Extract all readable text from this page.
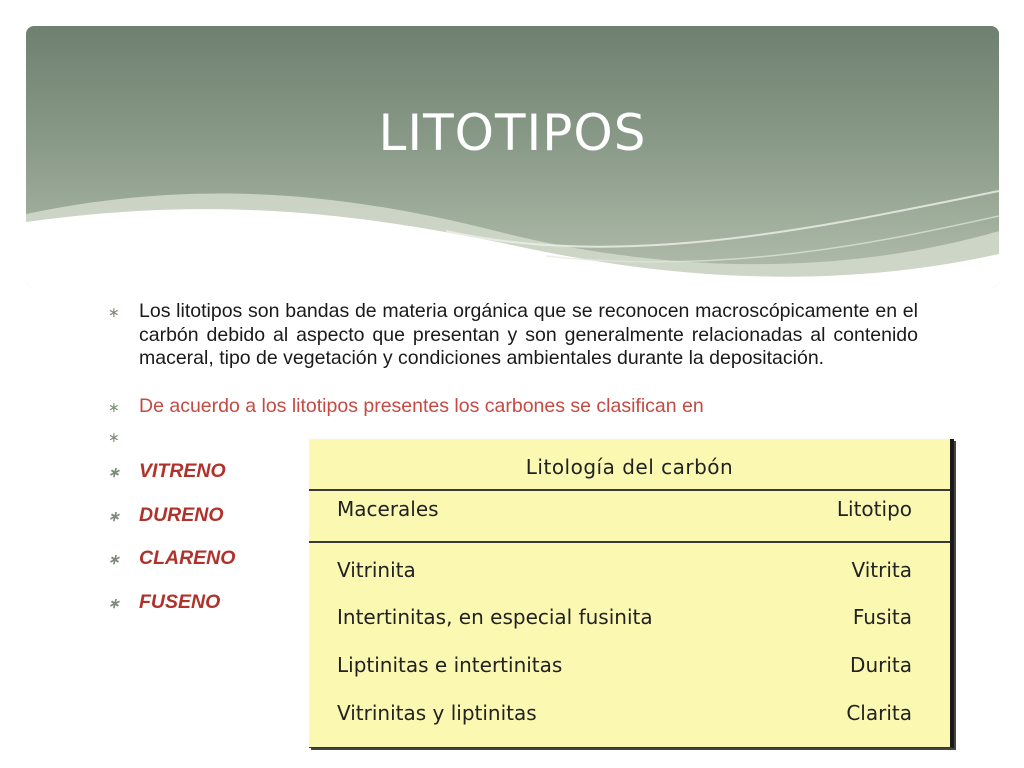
LITOTIPOS
∗ Los litotipos son bandas de materia orgánica que se reconocen macroscópicamente en el carbón debido al aspecto que presentan y son generalmente relacionadas al contenido maceral, tipo de vegetación y condiciones ambientales durante la depositación.
∗ De acuerdo a los litotipos presentes los carbones se clasifican en
∗
∗ VITRENO
∗ DURENO
∗ CLARENO
∗ FUSENO
Litología del carbón
Macerales	Litotipo
Vitrinita	Vitrita
Intertinitas, en especial fusinita	Fusita
Liptinitas e intertinitas	Durita
Vitrinitas y liptinitas	Clarita
